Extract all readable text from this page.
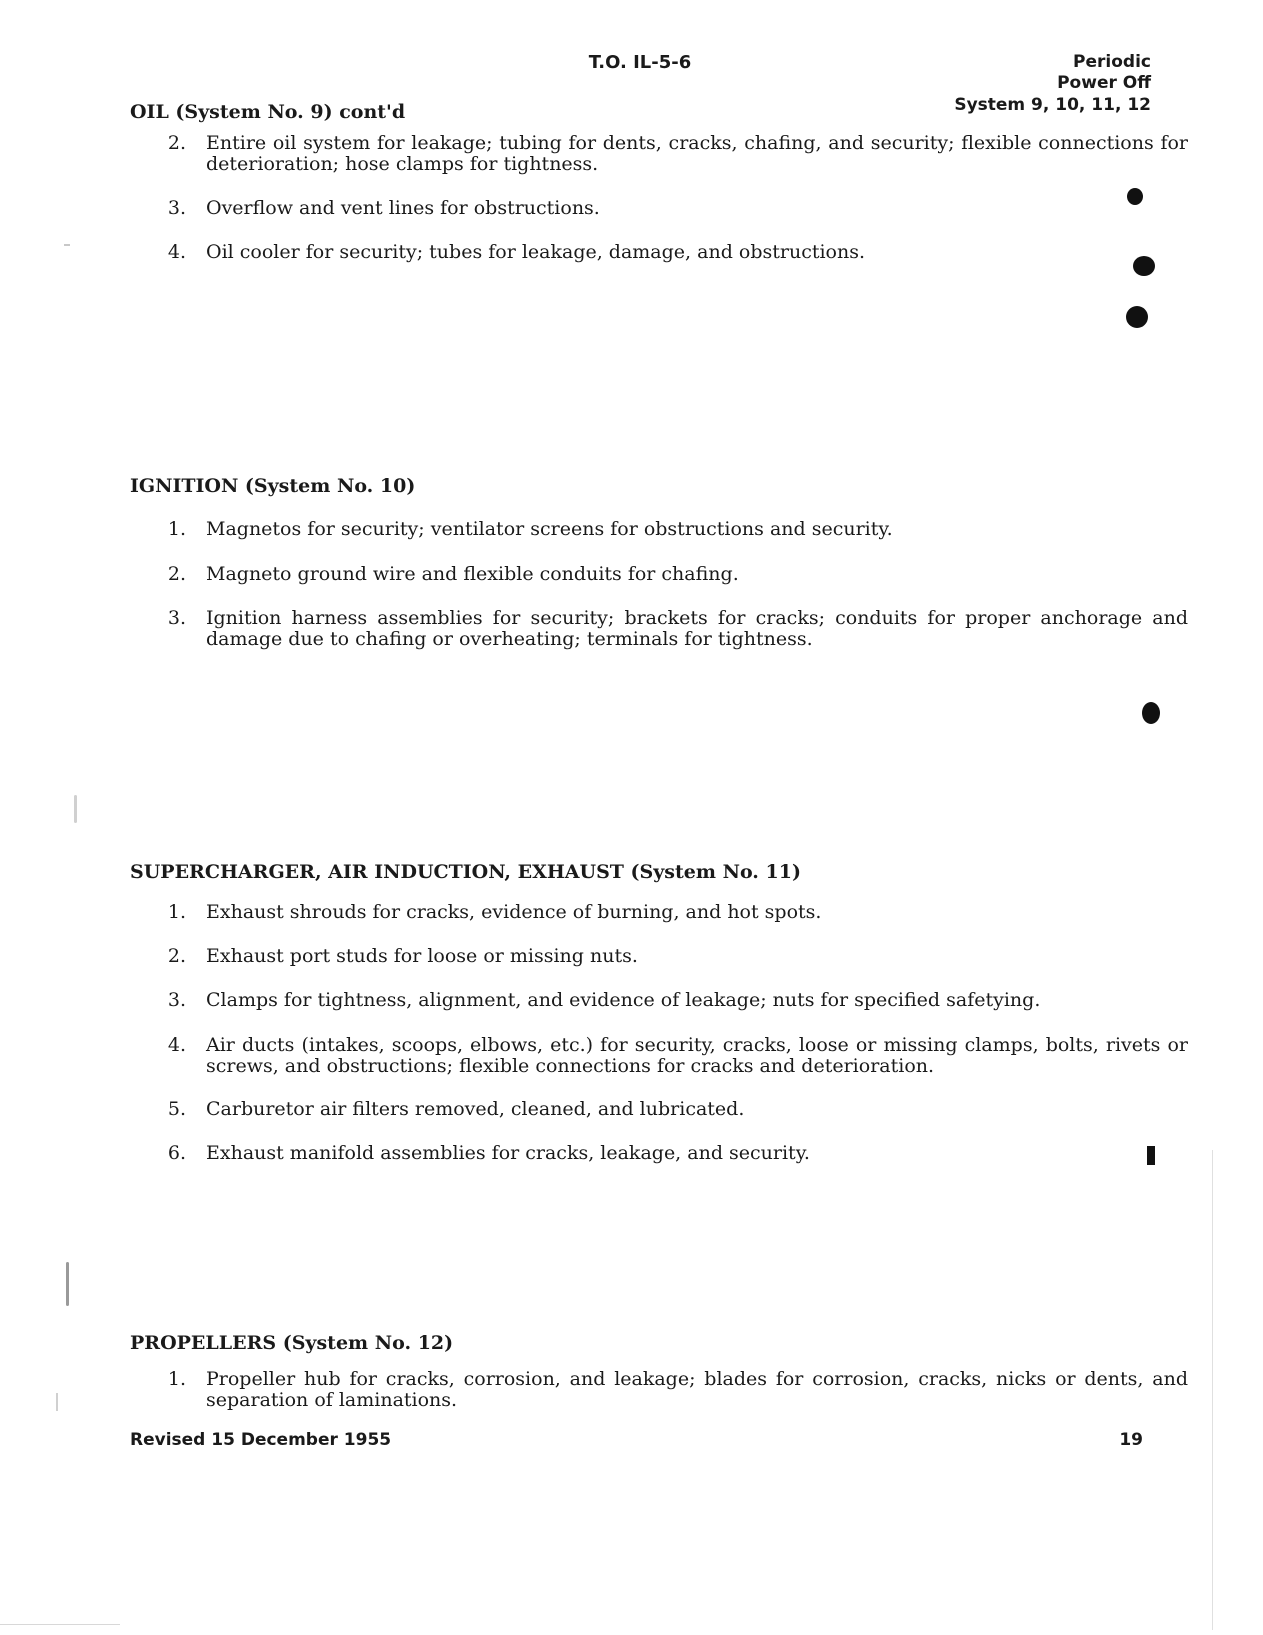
T.O. IL-5-6	Periodic
Power Off
System 9, 10, 11, 12
OIL (System No. 9) cont'd
2. Entire oil system for leakage; tubing for dents, cracks, chafing, and security; flexible connections for deterioration; hose clamps for tightness.
3. Overflow and vent lines for obstructions.
4. Oil cooler for security; tubes for leakage, damage, and obstructions.
IGNITION (System No. 10)
1. Magnetos for security; ventilator screens for obstructions and security.
2. Magneto ground wire and flexible conduits for chafing.
3. Ignition harness assemblies for security; brackets for cracks; conduits for proper anchorage and damage due to chafing or overheating; terminals for tightness.
SUPERCHARGER, AIR INDUCTION, EXHAUST (System No. 11)
1. Exhaust shrouds for cracks, evidence of burning, and hot spots.
2. Exhaust port studs for loose or missing nuts.
3. Clamps for tightness, alignment, and evidence of leakage; nuts for specified safetying.
4. Air ducts (intakes, scoops, elbows, etc.) for security, cracks, loose or missing clamps, bolts, rivets or screws, and obstructions; flexible connections for cracks and deterioration.
5. Carburetor air filters removed, cleaned, and lubricated.
6. Exhaust manifold assemblies for cracks, leakage, and security.
PROPELLERS (System No. 12)
1. Propeller hub for cracks, corrosion, and leakage; blades for corrosion, cracks, nicks or dents, and separation of laminations.
Revised 15 December 1955	19
